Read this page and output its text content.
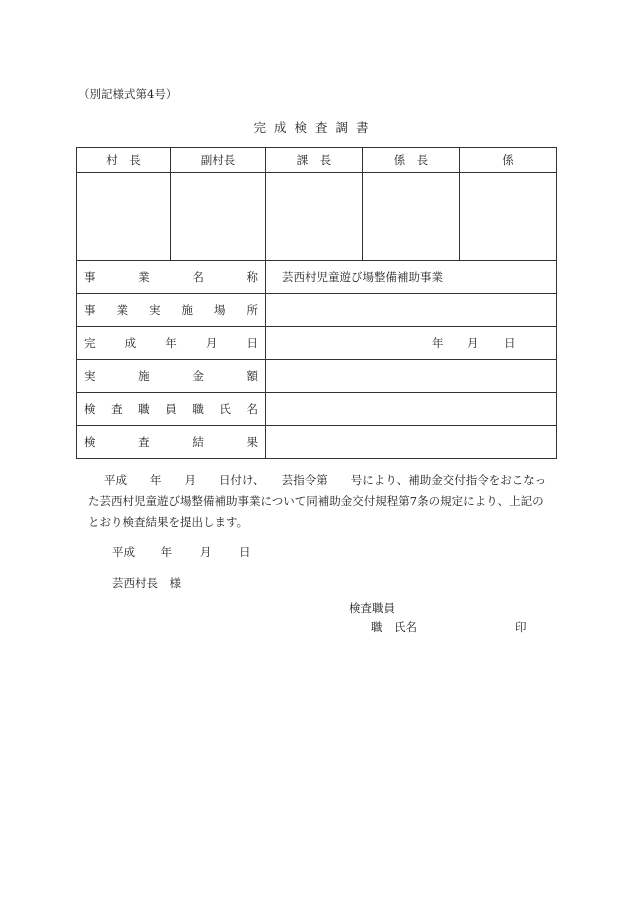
（別記様式第4号）
完成検査調書
村　長	副村長	課　長	係　長	係

事業名称		芸西村児童遊び場整備補助事業		
事業実施場所				
完成年月日		年 月 日		

実施金額				
検査職員職氏名				
検査結果				
平成　　年　　月　　日付け、　　芸指令第　　号により、補助金交付指令をおこなった芸西村児童遊び場整備補助事業について同補助金交付規程第7条の規定により、上記のとおり検査結果を提出します。
平成 年 月 日
芸西村長　様
検査職員
職　氏名	印
